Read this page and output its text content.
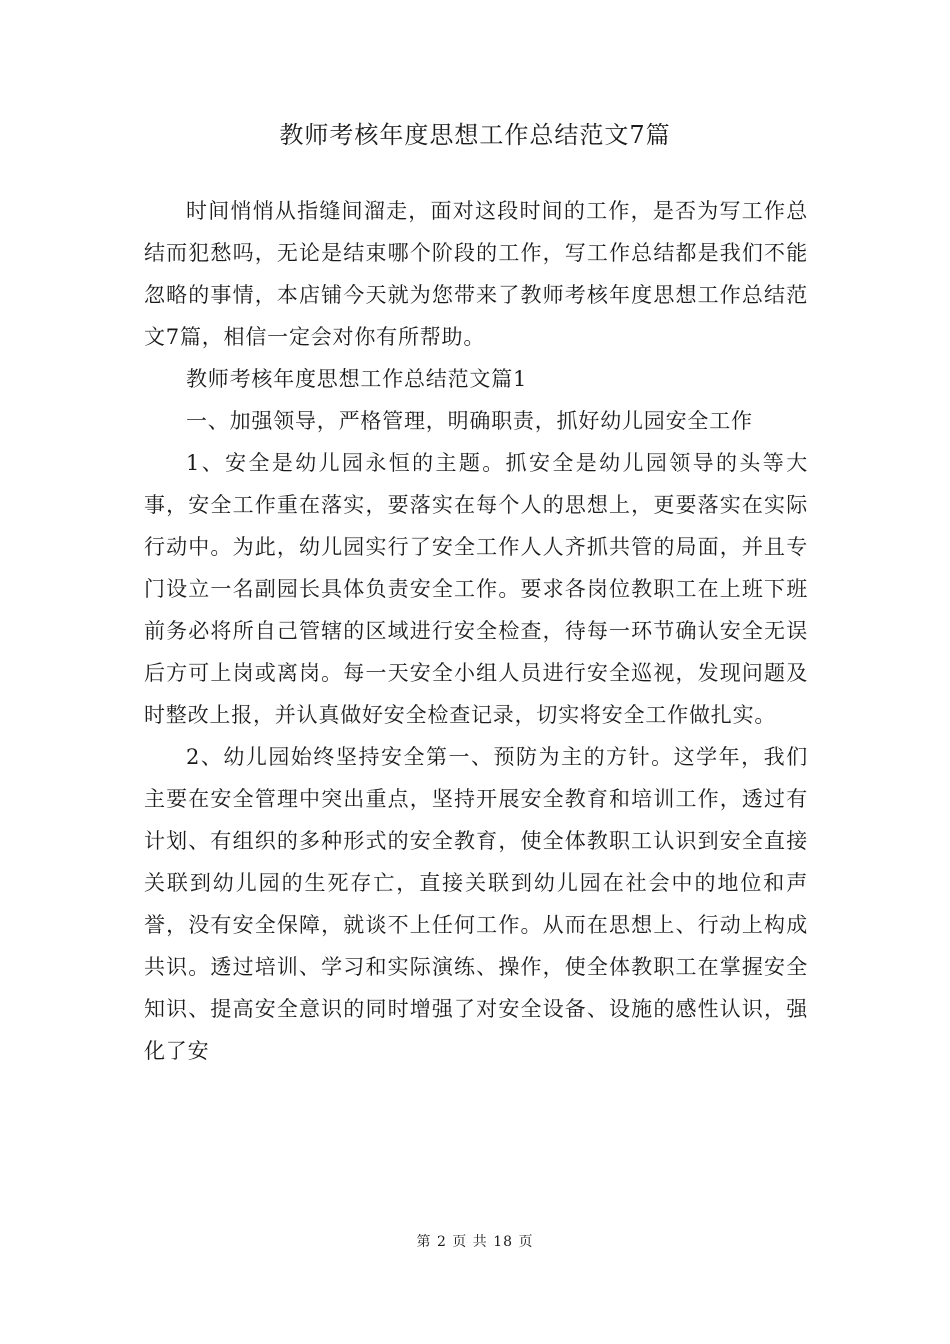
教师考核年度思想工作总结范文7篇

时间悄悄从指缝间溜走，面对这段时间的工作，是否为写工作总结而犯愁吗，无论是结束哪个阶段的工作，写工作总结都是我们不能忽略的事情，本店铺今天就为您带来了教师考核年度思想工作总结范文7篇，相信一定会对你有所帮助。

教师考核年度思想工作总结范文篇1

一、加强领导，严格管理，明确职责，抓好幼儿园安全工作

1、安全是幼儿园永恒的主题。抓安全是幼儿园领导的头等大事，安全工作重在落实，要落实在每个人的思想上，更要落实在实际行动中。为此，幼儿园实行了安全工作人人齐抓共管的局面，并且专门设立一名副园长具体负责安全工作。要求各岗位教职工在上班下班前务必将所自己管辖的区域进行安全检查，待每一环节确认安全无误后方可上岗或离岗。每一天安全小组人员进行安全巡视，发现问题及时整改上报，并认真做好安全检查记录，切实将安全工作做扎实。

2、幼儿园始终坚持安全第一、预防为主的方针。这学年，我们主要在安全管理中突出重点，坚持开展安全教育和培训工作，透过有计划、有组织的多种形式的安全教育，使全体教职工认识到安全直接关联到幼儿园的生死存亡，直接关联到幼儿园在社会中的地位和声誉，没有安全保障，就谈不上任何工作。从而在思想上、行动上构成共识。透过培训、学习和实际演练、操作，使全体教职工在掌握安全知识、提高安全意识的同时增强了对安全设备、设施的感性认识，强化了安

第 2 页 共 18 页
